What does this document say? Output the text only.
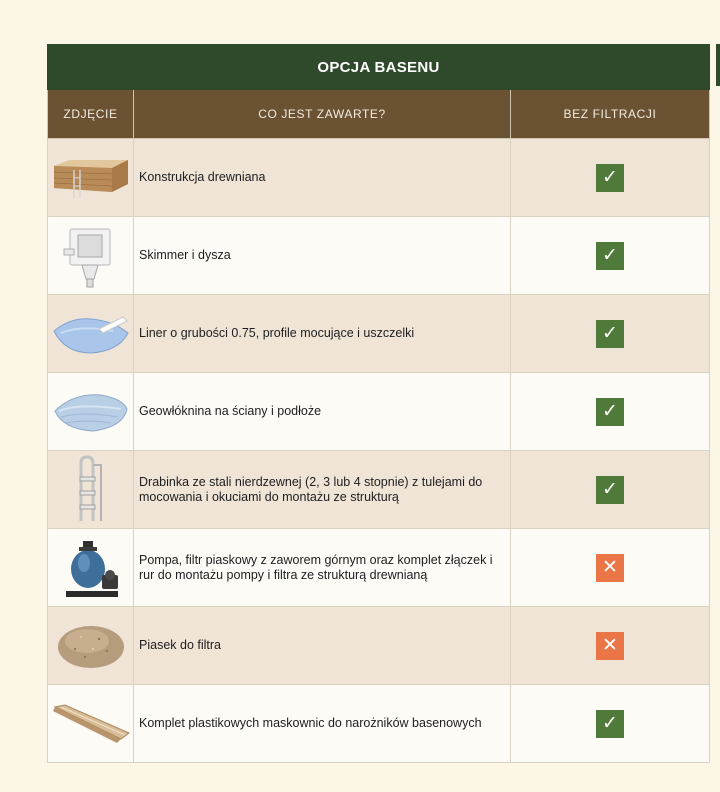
OPCJA BASENU		
ZDJĘCIE	CO JEST ZAWARTE?	BEZ FILTRACJI

	Konstrukcja drewniana	✓

	Skimmer i dysza	✓

	Liner o grubości 0.75, profile mocujące i uszczelki	✓

	Geowłóknina na ściany i podłoże	✓

	Drabinka ze stali nierdzewnej (2, 3 lub 4 stopnie) z tulejami do mocowania i okuciami do montażu ze strukturą	✓

	Pompa, filtr piaskowy z zaworem górnym oraz komplet złączek i rur do montażu pompy i filtra ze strukturą drewnianą	✕

	Piasek do filtra	✕

	Komplet plastikowych maskownic do narożników basenowych	✓
